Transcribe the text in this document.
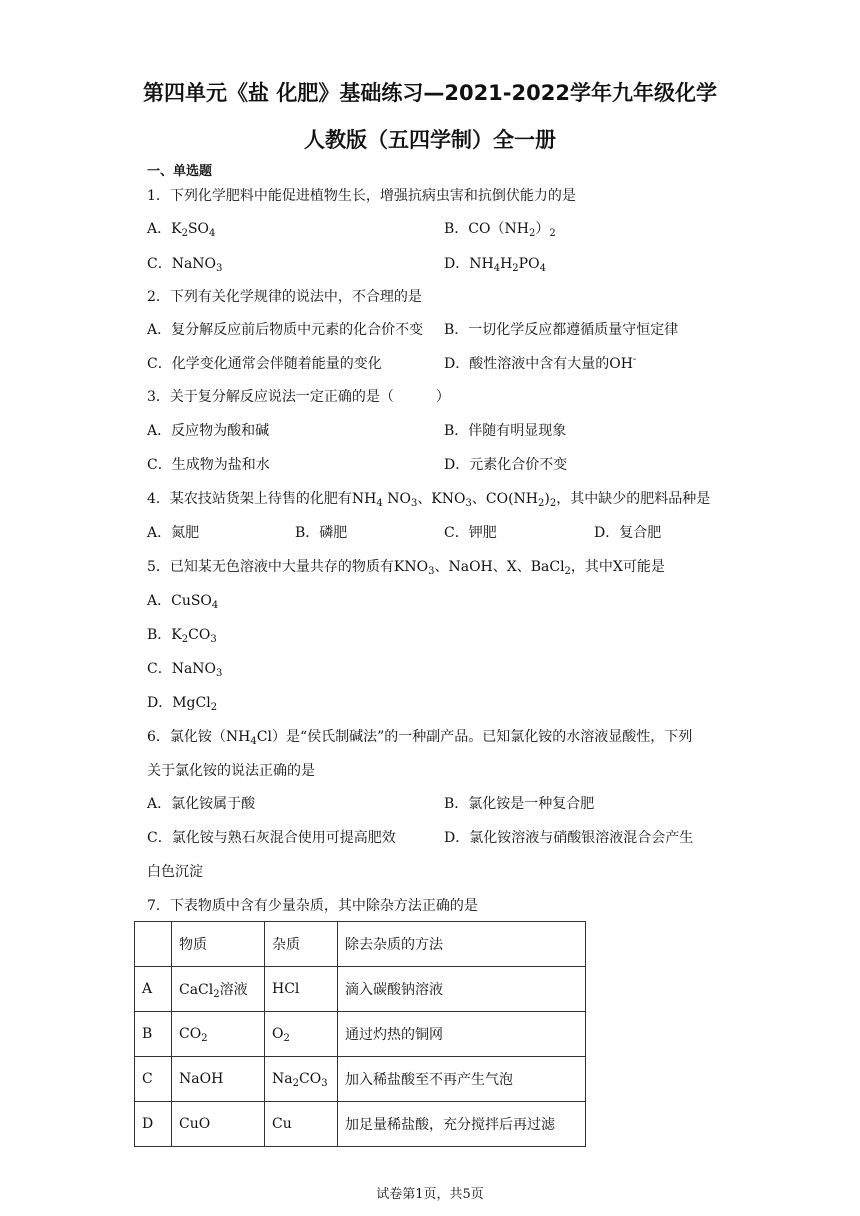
第四单元《盐 化肥》基础练习—2021-2022学年九年级化学
人教版（五四学制）全一册
一、单选题
1．下列化学肥料中能促进植物生长，增强抗病虫害和抗倒伏能力的是
A．$K_2SO_4$	B．$CO(NH_2)_2$
C．NaNO$_3$	D．$NH_4H_2PO_4$
2．下列有关化学规律的说法中，不合理的是
A．复分解反应前后物质中元素的化合价不变 B．一切化学反应都遵循质量守恒定律
C．化学变化通常会伴随着能量的变化	D．酸性溶液中含有大量的OH-
3．关于复分解反应说法一定正确的是（　　　）
A．反应物为酸和碱	B．伴随有明显现象
C．生成物为盐和水	D．元素化合价不变
4．某农技站货架上待售的化肥有$NH_4$ $NO_3$、$KNO_3$、$CO(NH_2)_2$，其中缺少的肥料品种是
A．氮肥	B．磷肥	C．钾肥	D．复合肥
5．已知某无色溶液中大量共存的物质有$KNO_3$、NaOH、X、BaCl$_2$，其中X可能是
A．CuSO$_4$
B．$K_2CO_3$
C．NaNO$_3$
D．MgCl$_2$
6．氯化铵$(NH_4Cl)$是“侯氏制碱法”的一种副产品。已知氯化铵的水溶液显酸性，下列
关于氯化铵的说法正确的是
A．氯化铵属于酸	B．氯化铵是一种复合肥
C．氯化铵与熟石灰混合使用可提高肥效	D．氯化铵溶液与硝酸银溶液混合会产生
白色沉淀
7．下表物质中含有少量杂质，其中除杂方法正确的是
	物质	杂质	除去杂质的方法
A	CaCl$_2$溶液	HCl	滴入碳酸钠溶液
B	$CO_2$	$O_2$	通过灼热的铜网
C	NaOH	$Na_2CO_3$	加入稀盐酸至不再产生气泡
D	CuO	Cu	加足量稀盐酸，充分搅拌后再过滤
试卷第1页，共5页
